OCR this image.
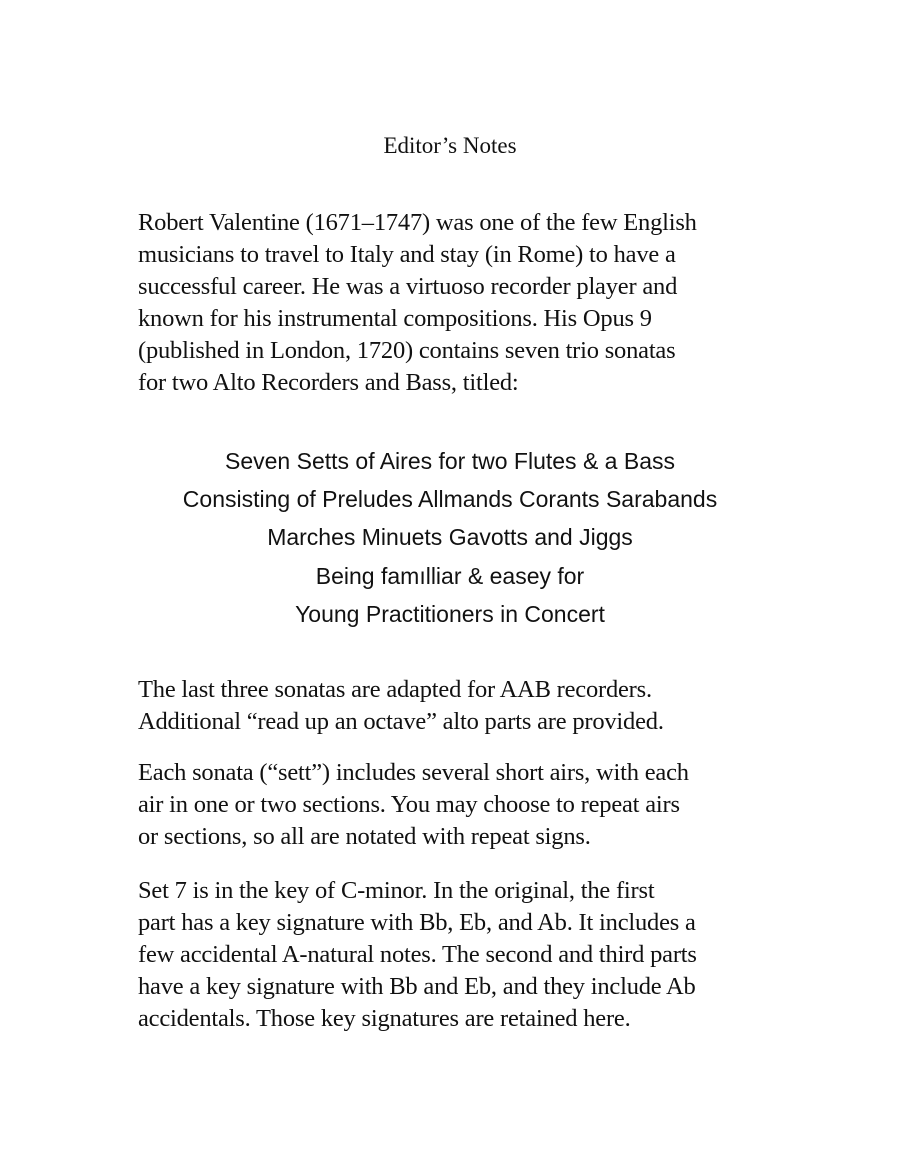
Editor’s Notes

Robert Valentine (1671–1747) was one of the few English
musicians to travel to Italy and stay (in Rome) to have a
successful career. He was a virtuoso recorder player and
known for his instrumental compositions. His Opus 9
(published in London, 1720) contains seven trio sonatas
for two Alto Recorders and Bass, titled:

Seven Setts of Aires for two Flutes & a Bass
Consisting of Preludes Allmands Corants Sarabands
Marches Minuets Gavotts and Jiggs
Being famılliar & easey for
Young Practitioners in Concert

The last three sonatas are adapted for AAB recorders.
Additional “read up an octave” alto parts are provided.

Each sonata (“sett”) includes several short airs, with each
air in one or two sections. You may choose to repeat airs
or sections, so all are notated with repeat signs.

Set 7 is in the key of C-minor. In the original, the first
part has a key signature with Bb, Eb, and Ab. It includes a
few accidental A-natural notes. The second and third parts
have a key signature with Bb and Eb, and they include Ab
accidentals. Those key signatures are retained here.
